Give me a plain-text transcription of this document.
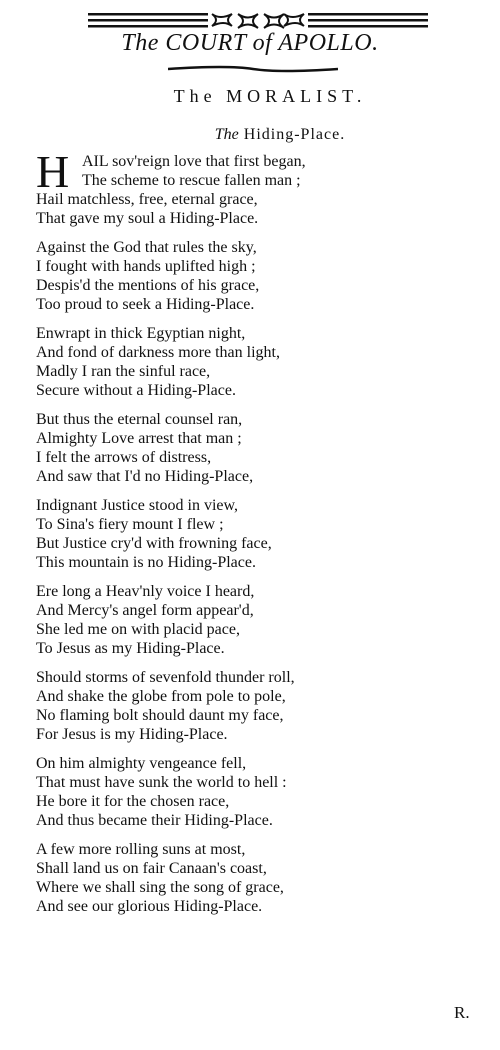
The COURT of APOLLO.
The MORALIST.
The Hiding-Place.
H AIL sov'reign love that first began,
The scheme to rescue fallen man ;
Hail matchless, free, eternal grace,
That gave my soul a Hiding-Place.
Against the God that rules the sky,
I fought with hands uplifted high ;
Despis'd the mentions of his grace,
Too proud to seek a Hiding-Place.
Enwrapt in thick Egyptian night,
And fond of darkness more than light,
Madly I ran the sinful race,
Secure without a Hiding-Place.
But thus the eternal counsel ran,
Almighty Love arrest that man ;
I felt the arrows of distress,
And saw that I'd no Hiding-Place,
Indignant Justice stood in view,
To Sina's fiery mount I flew ;
But Justice cry'd with frowning face,
This mountain is no Hiding-Place.
Ere long a Heav'nly voice I heard,
And Mercy's angel form appear'd,
She led me on with placid pace,
To Jesus as my Hiding-Place.
Should storms of sevenfold thunder roll,
And shake the globe from pole to pole,
No flaming bolt should daunt my face,
For Jesus is my Hiding-Place.
On him almighty vengeance fell,
That must have sunk the world to hell :
He bore it for the chosen race,
And thus became their Hiding-Place.
A few more rolling suns at most,
Shall land us on fair Canaan's coast,
Where we shall sing the song of grace,
And see our glorious Hiding-Place.
R.
